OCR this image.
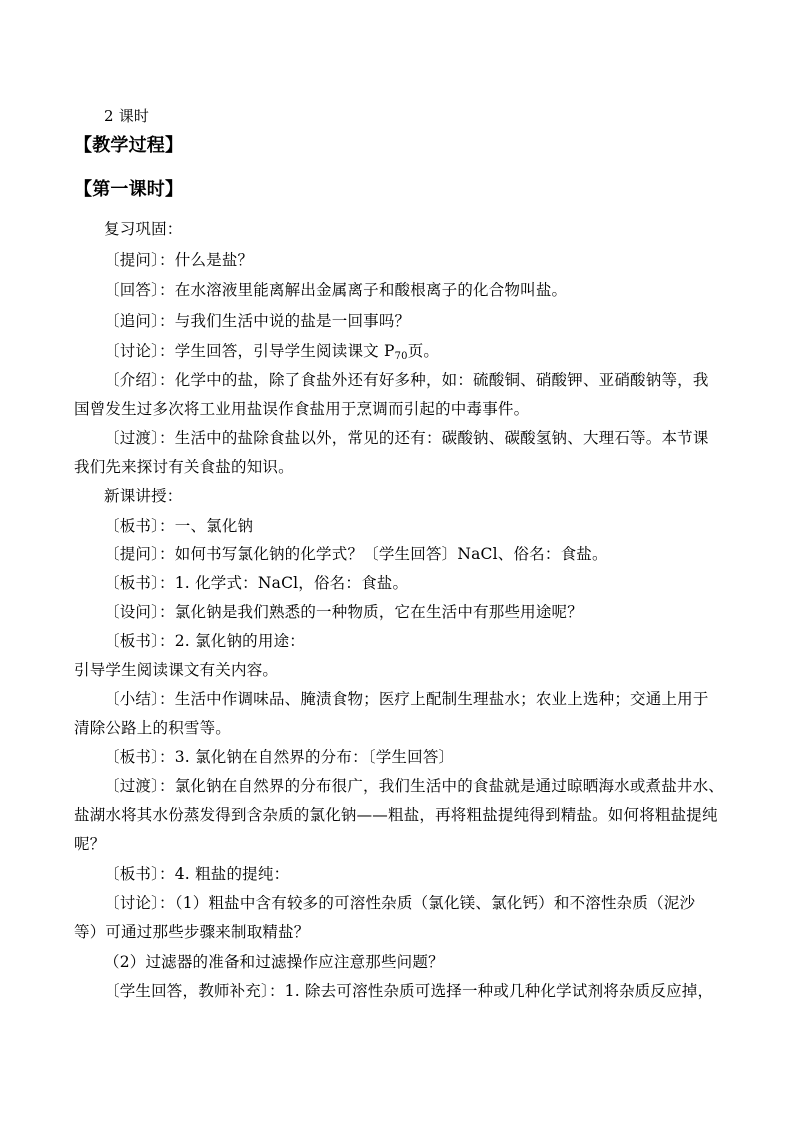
2 课时
【教学过程】
【第一课时】
复习巩固：
〔提问〕：什么是盐？
〔回答〕：在水溶液里能离解出金属离子和酸根离子的化合物叫盐。
〔追问〕：与我们生活中说的盐是一回事吗？
〔讨论〕：学生回答，引导学生阅读课文 $P_{70}$页。
〔介绍〕：化学中的盐，除了食盐外还有好多种，如：硫酸铜、硝酸钾、亚硝酸钠等，我
国曾发生过多次将工业用盐误作食盐用于烹调而引起的中毒事件。
〔过渡〕：生活中的盐除食盐以外，常见的还有：碳酸钠、碳酸氢钠、大理石等。本节课
我们先来探讨有关食盐的知识。
新课讲授：
〔板书〕：一、氯化钠
〔提问〕：如何书写氯化钠的化学式？〔学生回答〕NaCl、俗名：食盐。
〔板书〕：1. 化学式：NaCl，俗名：食盐。
〔设问〕：氯化钠是我们熟悉的一种物质，它在生活中有那些用途呢？
〔板书〕：2. 氯化钠的用途：
引导学生阅读课文有关内容。
〔小结〕：生活中作调味品、腌渍食物；医疗上配制生理盐水；农业上选种；交通上用于
清除公路上的积雪等。
〔板书〕：3. 氯化钠在自然界的分布：〔学生回答〕
〔过渡〕：氯化钠在自然界的分布很广，我们生活中的食盐就是通过晾晒海水或煮盐井水、
盐湖水将其水份蒸发得到含杂质的氯化钠——粗盐，再将粗盐提纯得到精盐。如何将粗盐提纯
呢？
〔板书〕：4. 粗盐的提纯：
〔讨论〕：（1）粗盐中含有较多的可溶性杂质（氯化镁、氯化钙）和不溶性杂质（泥沙
等）可通过那些步骤来制取精盐？
（2）过滤器的准备和过滤操作应注意那些问题？
〔学生回答，教师补充〕：1. 除去可溶性杂质可选择一种或几种化学试剂将杂质反应掉，
